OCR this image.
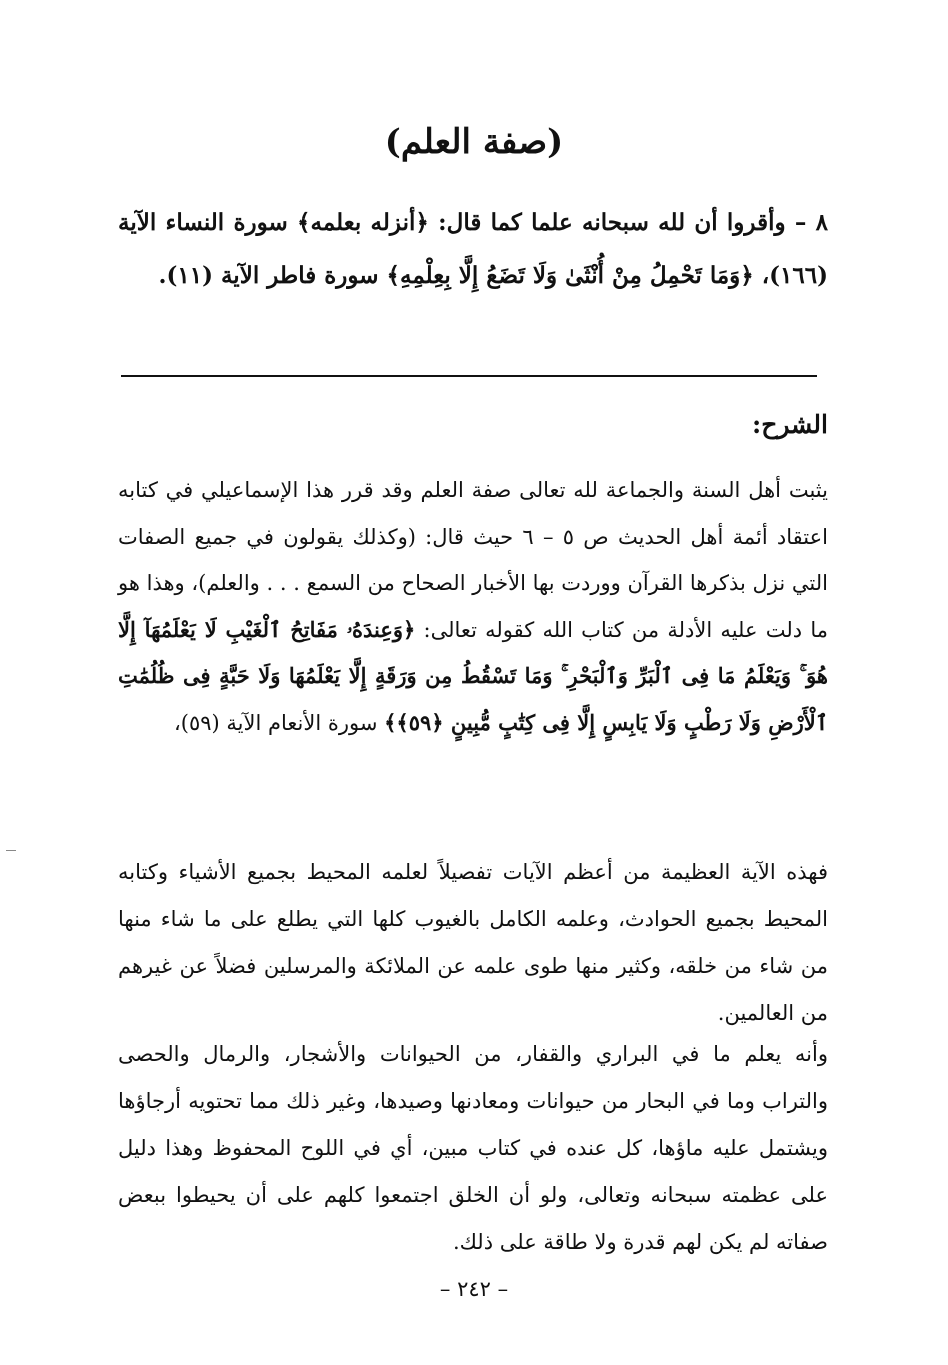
(صفة العلم)
٨ – وأقروا أن لله سبحانه علما كما قال: ﴿أنزله بعلمه﴾ سورة النساء الآية (١٦٦)، ﴿وَمَا تَحْمِلُ مِنْ أُنْثَىٰ وَلَا تَضَعُ إِلَّا بِعِلْمِهِ﴾ سورة فاطر الآية (١١).
الشرح:
يثبت أهل السنة والجماعة لله تعالى صفة العلم وقد قرر هذا الإسماعيلي في كتابه اعتقاد أئمة أهل الحديث ص ٥ – ٦ حيث قال: (وكذلك يقولون في جميع الصفات التي نزل بذكرها القرآن ووردت بها الأخبار الصحاح من السمع . . . والعلم)، وهذا هو ما دلت عليه الأدلة من كتاب الله كقوله تعالى: ﴿وَعِندَهُۥ مَفَاتِحُ ٱلْغَيْبِ لَا يَعْلَمُهَآ إِلَّا هُوَ ۚ وَيَعْلَمُ مَا فِى ٱلْبَرِّ وَٱلْبَحْرِ ۚ وَمَا تَسْقُطُ مِن وَرَقَةٍ إِلَّا يَعْلَمُهَا وَلَا حَبَّةٍ فِى ظُلُمَٰتِ ٱلْأَرْضِ وَلَا رَطْبٍ وَلَا يَابِسٍ إِلَّا فِى كِتَٰبٍ مُّبِينٍ ﴿٥٩﴾﴾ سورة الأنعام الآية (٥٩)،
فهذه الآية العظيمة من أعظم الآيات تفصيلاً لعلمه المحيط بجميع الأشياء وكتابه المحيط بجميع الحوادث، وعلمه الكامل بالغيوب كلها التي يطلع على ما شاء منها من شاء من خلقه، وكثير منها طوى علمه عن الملائكة والمرسلين فضلاً عن غيرهم من العالمين.
وأنه يعلم ما في البراري والقفار، من الحيوانات والأشجار، والرمال والحصى والتراب وما في البحار من حيوانات ومعادنها وصيدها، وغير ذلك مما تحتويه أرجاؤها ويشتمل عليه ماؤها، كل عنده في كتاب مبين، أي في اللوح المحفوظ وهذا دليل على عظمته سبحانه وتعالى، ولو أن الخلق اجتمعوا كلهم على أن يحيطوا ببعض صفاته لم يكن لهم قدرة ولا طاقة على ذلك.
– ٢٤٢ –
